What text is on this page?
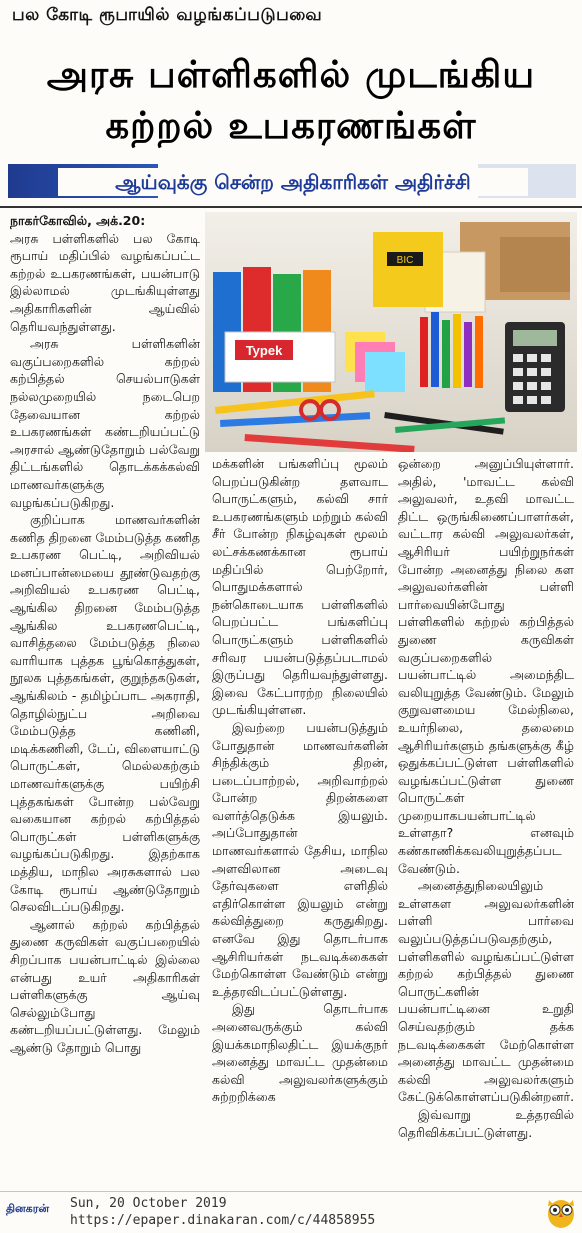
பல கோடி ரூபாயில் வழங்கப்படுபவை
அரசு பள்ளிகளில் முடங்கிய
கற்றல் உபகரணங்கள்
ஆய்வுக்கு சென்ற அதிகாரிகள் அதிர்ச்சி
BIC
Typek

நாகர்கோவில், அக்.20:

அரசு பள்ளிகளில் பல கோடி ரூபாய் மதிப்பில் வழங்கப்பட்ட கற்றல் உபகரணங்கள், பயன்பாடு இல்லாமல் முடங்கியுள்ளது அதிகாரிகளின் ஆய்வில் தெரியவந்துள்ளது.

அரசு பள்ளிகளின் வகுப்பறைகளில் கற்றல் கற்பித்தல் செயல்பாடுகள் நல்லமுறையில் நடைபெற தேவையான கற்றல் உபகரணங்கள் கண்டறியப்பட்டு அரசால் ஆண்டுதோறும் பல்வேறு திட்டங்களில் தொடக்கக்கல்வி மாணவர்களுக்கு வழங்கப்படுகிறது.

குறிப்பாக மாணவர்களின் கணித திறனை மேம்படுத்த கணித உபகரண பெட்டி, அறிவியல் மனப்பான்மையை தூண்டுவதற்கு அறிவியல் உபகரண பெட்டி, ஆங்கில திறனை மேம்படுத்த ஆங்கில உபகரணபெட்டி, வாசித்தலை மேம்படுத்த நிலை வாரியாக புத்தக பூங்கொத்துகள், நூலக புத்தகங்கள், குறுந்தகடுகள், ஆங்கிலம் - தமிழ்ப்பாட அகராதி, தொழில்நுட்ப அறிவை மேம்படுத்த கணினி, மடிக்கணினி, டேப், விளையாட்டு பொருட்கள், மெல்லகற்கும் மாணவர்களுக்கு பயிற்சி புத்தகங்கள் போன்ற பல்வேறு வகையான கற்றல் கற்பித்தல் பொருட்கள் பள்ளிகளுக்கு வழங்கப்படுகிறது. இதற்காக மத்திய, மாநில அரசுகளால் பல கோடி ரூபாய் ஆண்டுதோறும் செலவிடப்படுகிறது.

ஆனால் கற்றல் கற்பித்தல் துணை கருவிகள் வகுப்பறையில் சிறப்பாக பயன்பாட்டில் இல்லை என்பது உயர் அதிகாரிகள் பள்ளிகளுக்கு ஆய்வு செல்லும்போது கண்டறியப்பட்டுள்ளது. மேலும் ஆண்டு தோறும் பொது

மக்களின் பங்களிப்பு மூலம் பெறப்படுகின்ற தளவாட பொருட்களும், கல்வி சார் உபகரணங்களும் மற்றும் கல்வி சீர் போன்ற நிகழ்வுகள் மூலம் லட்சக்கணக்கான ரூபாய் மதிப்பில் பெற்றோர், பொதுமக்களால் நன்கொடையாக பள்ளிகளில் பெறப்பட்ட பங்களிப்பு பொருட்களும் பள்ளிகளில் சரிவர பயன்படுத்தப்படாமல் இருப்பது தெரியவந்துள்ளது. இவை கேட்பாரற்ற நிலையில் முடங்கியுள்ளன.

இவற்றை பயன்படுத்தும் போதுதான் மாணவர்களின் சிந்திக்கும் திறன், படைப்பாற்றல், அறிவாற்றல் போன்ற திறன்களை வளர்த்தெடுக்க இயலும். அப்போதுதான் மாணவர்களால் தேசிய, மாநில அளவிலான அடைவு தேர்வுகளை எளிதில் எதிர்கொள்ள இயலும் என்று கல்வித்துறை கருதுகிறது. எனவே இது தொடர்பாக ஆசிரியர்கள் நடவடிக்கைகள் மேற்கொள்ள வேண்டும் என்று உத்தரவிடப்பட்டுள்ளது.

இது தொடர்பாக அனைவருக்கும் கல்வி இயக்கமாநிலதிட்ட இயக்குநர் அனைத்து மாவட்ட முதன்மை கல்வி அலுவலர்களுக்கும் சுற்றறிக்கை

ஒன்றை அனுப்பியுள்ளார். அதில், 'மாவட்ட கல்வி அலுவலர், உதவி மாவட்ட திட்ட ஒருங்கிணைப்பாளர்கள், வட்டார கல்வி அலுவலர்கள், ஆசிரியர் பயிற்றுநர்கள் போன்ற அனைத்து நிலை கள அலுவலர்களின் பள்ளி பார்வையின்போது பள்ளிகளில் கற்றல் கற்பித்தல் துணை கருவிகள் வகுப்பறைகளில் பயன்பாட்டில் அமைந்திட வலியுறுத்த வேண்டும். மேலும் குறுவளமைய மேல்நிலை, உயர்நிலை, தலைமை ஆசிரியர்களும் தங்களுக்கு கீழ் ஒதுக்கப்பட்டுள்ள பள்ளிகளில் வழங்கப்பட்டுள்ள துணை பொருட்கள் முறையாகபயன்பாட்டில் உள்ளதா? எனவும் கண்காணிக்கவலியுறுத்தப்பட வேண்டும்.

அனைத்துநிலையிலும் உள்ளகள அலுவலர்களின் பள்ளி பார்வை வலுப்படுத்தப்படுவதற்கும், பள்ளிகளில் வழங்கப்பட்டுள்ள கற்றல் கற்பித்தல் துணை பொருட்களின் பயன்பாட்டினை உறுதி செய்வதற்கும் தக்க நடவடிக்கைகள் மேற்கொள்ள அனைத்து மாவட்ட முதன்மை கல்வி அலுவலர்களும் கேட்டுக்கொள்ளப்படுகின்றனர்.

இவ்வாறு உத்தரவில் தெரிவிக்கப்பட்டுள்ளது.

தினகரன் Sun, 20 October 2019
https://epaper.dinakaran.com/c/44858955
